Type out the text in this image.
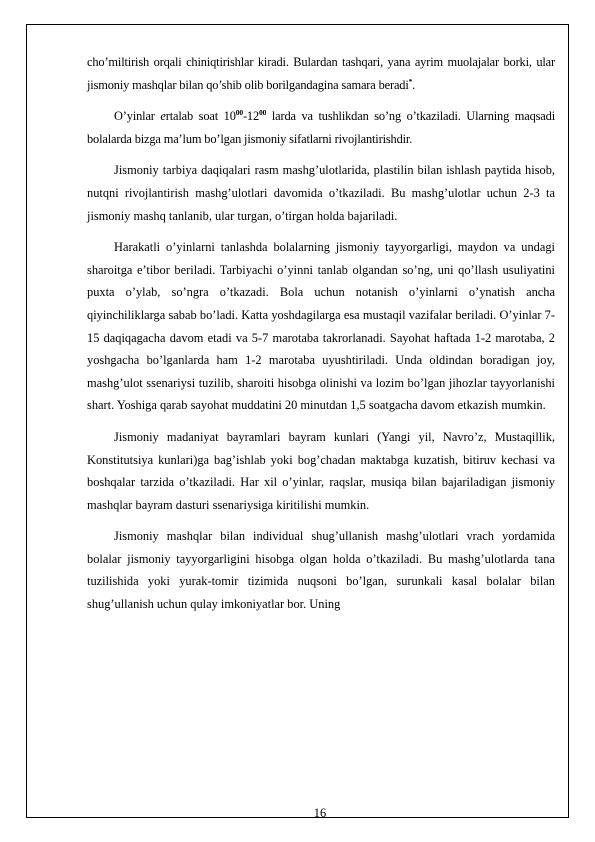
cho’miltirish orqali chiniqtirishlar kiradi. Bulardan tashqari, yana ayrim muolajalar borki, ular jismoniy mashqlar bilan qo’shib olib borilgandagina samara beradi*.

O’yinlar ertalab soat $10^{00}-12^{00}$ larda va tushlikdan so’ng o’tkaziladi. Ularning maqsadi bolalarda bizga ma’lum bo’lgan jismoniy sifatlarni rivojlantirishdir.

Jismoniy tarbiya daqiqalari rasm mashg’ulotlarida, plastilin bilan ishlash paytida hisob, nutqni rivojlantirish mashg’ulotlari davomida o’tkaziladi. Bu mashg’ulotlar uchun 2-3 ta jismoniy mashq tanlanib, ular turgan, o’tirgan holda bajariladi.

Harakatli o’yinlarni tanlashda bolalarning jismoniy tayyorgarligi, maydon va undagi sharoitga e’tibor beriladi. Tarbiyachi o’yinni tanlab olgandan so’ng, uni qo’llash usuliyatini puxta o’ylab, so’ngra o’tkazadi. Bola uchun notanish o’yinlarni o’ynatish ancha qiyinchiliklarga sabab bo’ladi. Katta yoshdagilarga esa mustaqil vazifalar beriladi. O’yinlar 7-15 daqiqagacha davom etadi va 5-7 marotaba takrorlanadi. Sayohat haftada 1-2 marotaba, 2 yoshgacha bo’lganlarda ham 1-2 marotaba uyushtiriladi. Unda oldindan boradigan joy, mashg’ulot ssenariysi tuzilib, sharoiti hisobga olinishi va lozim bo’lgan jihozlar tayyorlanishi shart. Yoshiga qarab sayohat muddatini 20 minutdan 1,5 soatgacha davom etkazish mumkin.

Jismoniy madaniyat bayramlari bayram kunlari (Yangi yil, Navro’z, Mustaqillik, Konstitutsiya kunlari)ga bag’ishlab yoki bog’chadan maktabga kuzatish, bitiruv kechasi va boshqalar tarzida o’tkaziladi. Har xil o’yinlar, raqslar, musiqa bilan bajariladigan jismoniy mashqlar bayram dasturi ssenariysiga kiritilishi mumkin.

Jismoniy mashqlar bilan individual shug’ullanish mashg’ulotlari vrach yordamida bolalar jismoniy tayyorgarligini hisobga olgan holda o’tkaziladi. Bu mashg’ulotlarda tana tuzilishida yoki yurak-tomir tizimida nuqsoni bo’lgan, surunkali kasal bolalar bilan shug’ullanish uchun qulay imkoniyatlar bor. Uning

16
